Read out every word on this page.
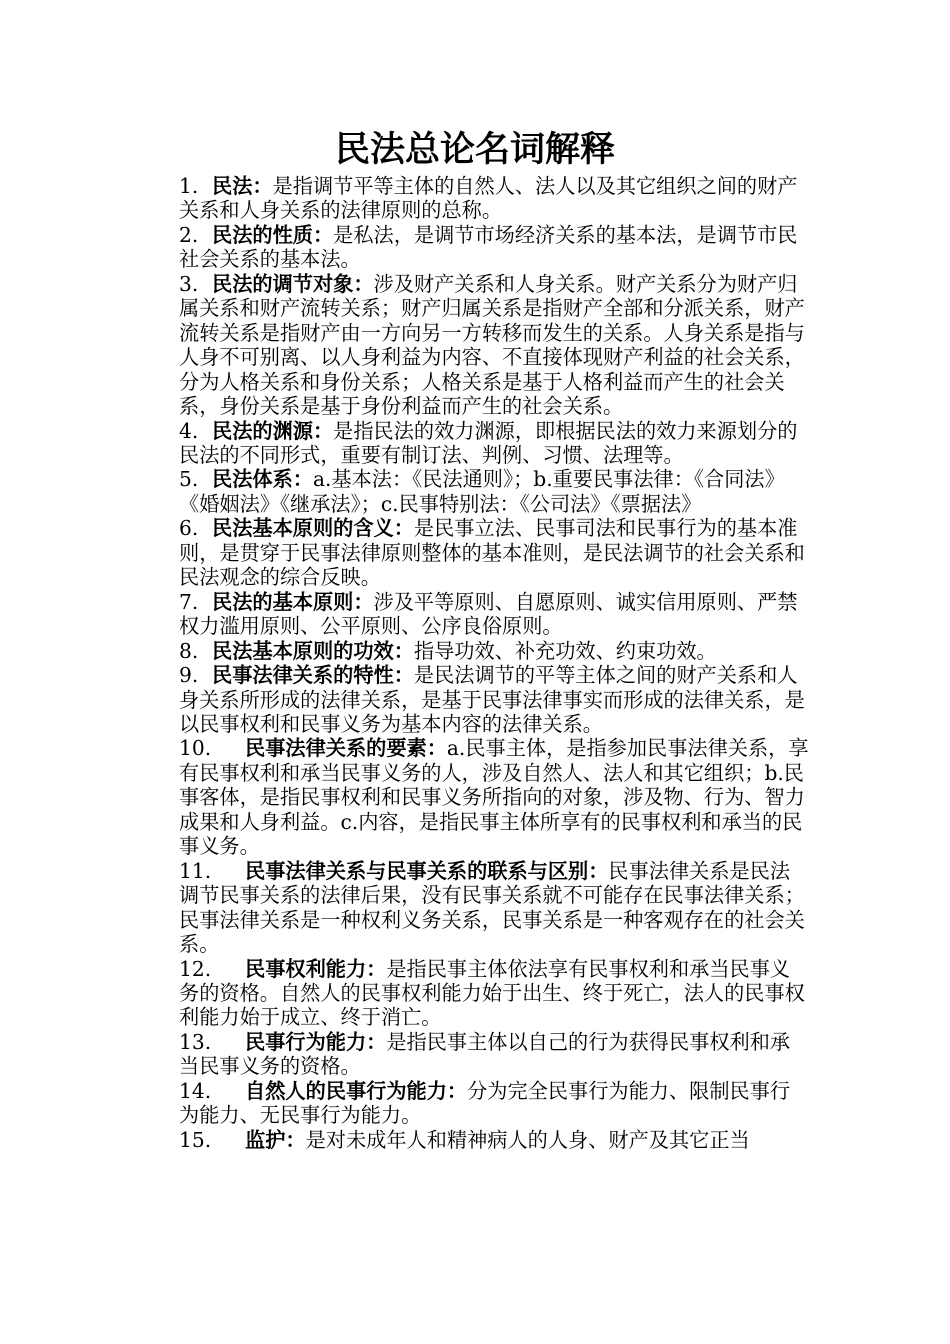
民法总论名词解释

1. 民法：是指调节平等主体的自然人、法人以及其它组织之间的财产关系和人身关系的法律原则的总称。

2. 民法的性质：是私法，是调节市场经济关系的基本法，是调节市民社会关系的基本法。

3. 民法的调节对象：涉及财产关系和人身关系。财产关系分为财产归属关系和财产流转关系；财产归属关系是指财产全部和分派关系，财产流转关系是指财产由一方向另一方转移而发生的关系。人身关系是指与人身不可别离、以人身利益为内容、不直接体现财产利益的社会关系，分为人格关系和身份关系；人格关系是基于人格利益而产生的社会关系，身份关系是基于身份利益而产生的社会关系。

4. 民法的渊源：是指民法的效力渊源，即根据民法的效力来源划分的民法的不同形式，重要有制订法、判例、习惯、法理等。

5. 民法体系：a.基本法：《民法通则》；b.重要民事法律：《合同法》《婚姻法》《继承法》；c.民事特别法：《公司法》《票据法》

6. 民法基本原则的含义：是民事立法、民事司法和民事行为的基本准则，是贯穿于民事法律原则整体的基本准则，是民法调节的社会关系和民法观念的综合反映。

7. 民法的基本原则：涉及平等原则、自愿原则、诚实信用原则、严禁权力滥用原则、公平原则、公序良俗原则。

8. 民法基本原则的功效：指导功效、补充功效、约束功效。

9. 民事法律关系的特性：是民法调节的平等主体之间的财产关系和人身关系所形成的法律关系，是基于民事法律事实而形成的法律关系，是以民事权利和民事义务为基本内容的法律关系。

10. 民事法律关系的要素：a.民事主体，是指参加民事法律关系，享有民事权利和承当民事义务的人，涉及自然人、法人和其它组织；b.民事客体，是指民事权利和民事义务所指向的对象，涉及物、行为、智力成果和人身利益。c.内容，是指民事主体所享有的民事权利和承当的民事义务。

11. 民事法律关系与民事关系的联系与区别：民事法律关系是民法调节民事关系的法律后果，没有民事关系就不可能存在民事法律关系；民事法律关系是一种权利义务关系，民事关系是一种客观存在的社会关系。

12. 民事权利能力：是指民事主体依法享有民事权利和承当民事义务的资格。自然人的民事权利能力始于出生、终于死亡，法人的民事权利能力始于成立、终于消亡。

13. 民事行为能力：是指民事主体以自己的行为获得民事权利和承当民事义务的资格。

14. 自然人的民事行为能力：分为完全民事行为能力、限制民事行为能力、无民事行为能力。

15. 监护：是对未成年人和精神病人的人身、财产及其它正当
